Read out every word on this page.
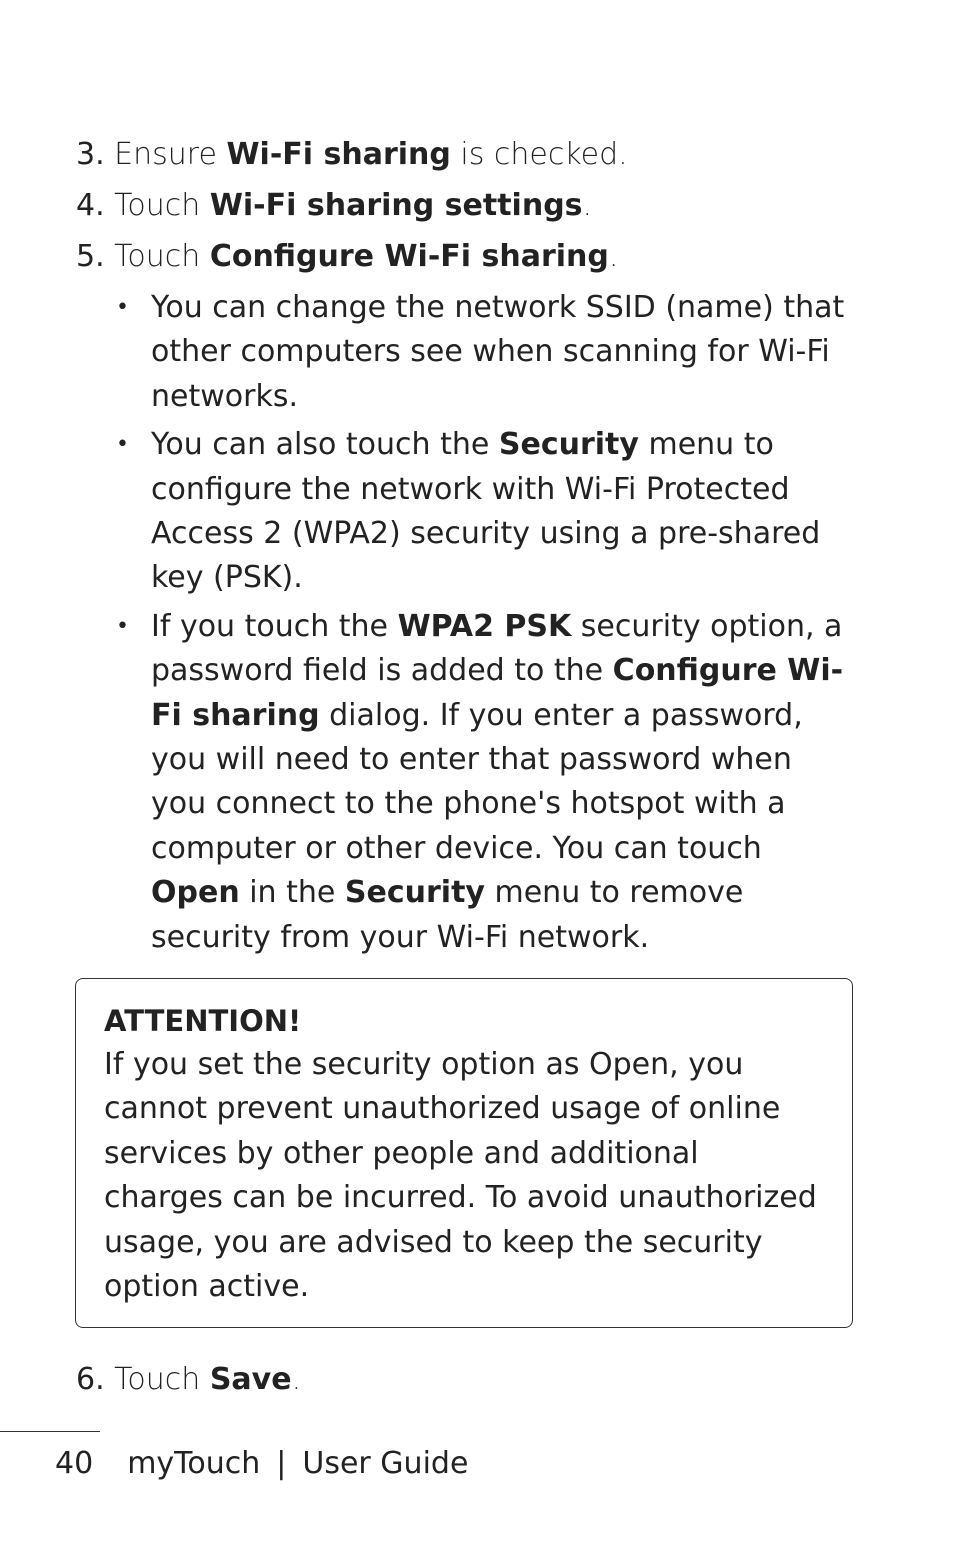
3. Ensure Wi-Fi sharing is checked.
4. Touch Wi-Fi sharing settings.
5. Touch Configure Wi-Fi sharing.
• You can change the network SSID (name) that other computers see when scanning for Wi-Fi networks.
• You can also touch the Security menu to configure the network with Wi-Fi Protected Access 2 (WPA2) security using a pre-shared key (PSK).
• If you touch the WPA2 PSK security option, a password field is added to the Configure Wi-Fi sharing dialog. If you enter a password, you will need to enter that password when you connect to the phone's hotspot with a computer or other device. You can touch Open in the Security menu to remove security from your Wi-Fi network.

ATTENTION!

If you set the security option as Open, you cannot prevent unauthorized usage of online services by other people and additional charges can be incurred. To avoid unauthorized usage, you are advised to keep the security option active.

6. Touch Save.
40 myTouch | User Guide
